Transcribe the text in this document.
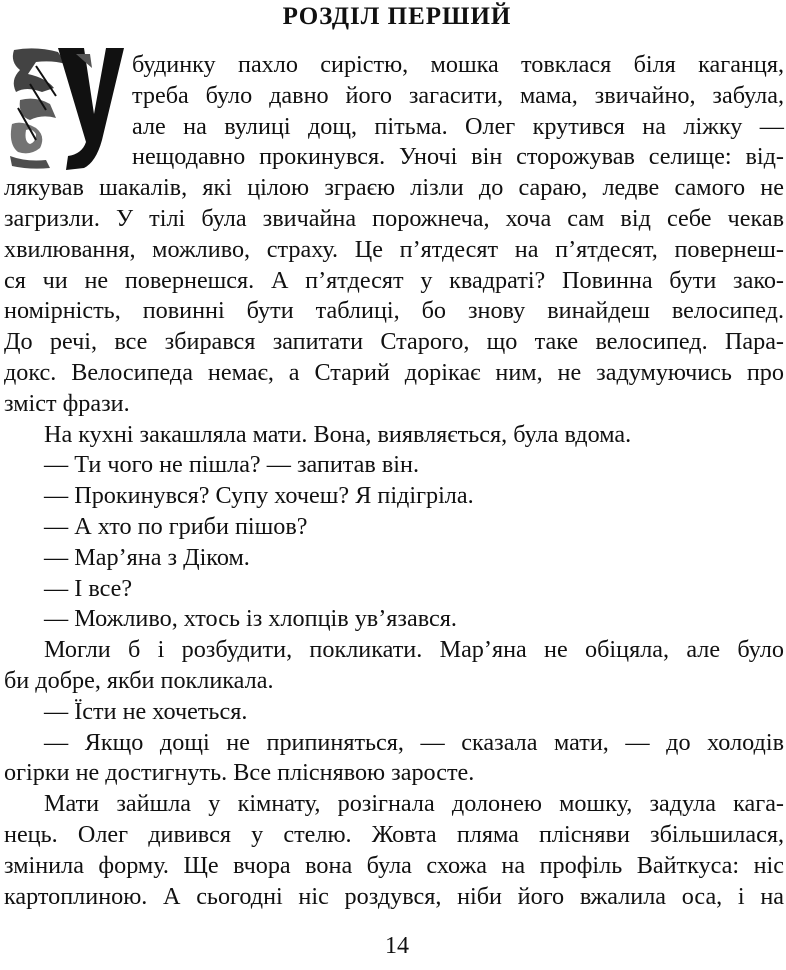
РОЗДІЛ ПЕРШИЙ
будинку пахло сирістю, мошка товклася біля каганця,
треба було давно його загасити, мама, звичайно, забула,
але на вулиці дощ, пітьма. Олег крутився на ліжку —
нещодавно прокинувся. Уночі він сторожував селище: від-
лякував шакалів, які цілою зграєю лізли до сараю, ледве самого не
загризли. У тілі була звичайна порожнеча, хоча сам від себе чекав
хвилювання, можливо, страху. Це п’ятдесят на п’ятдесят, повернеш-
ся чи не повернешся. А п’ятдесят у квадраті? Повинна бути зако-
номірність, повинні бути таблиці, бо знову винайдеш велосипед.
До речі, все збирався запитати Старого, що таке велосипед. Пара-
докс. Велосипеда немає, а Старий дорікає ним, не задумуючись про
зміст фрази.
На кухні закашляла мати. Вона, виявляється, була вдома.
— Ти чого не пішла? — запитав він.
— Прокинувся? Супу хочеш? Я підігріла.
— А хто по гриби пішов?
— Мар’яна з Діком.
— І все?
— Можливо, хтось із хлопців ув’язався.
Могли б і розбудити, покликати. Мар’яна не обіцяла, але було
би добре, якби покликала.
— Їсти не хочеться.
— Якщо дощі не припиняться, — сказала мати, — до холодів
огірки не достигнуть. Все плісняв​ою заросте.
Мати зайшла у кімнату, розігнала долонею мошку, задула кага-
нець. Олег дивився у стелю. Жовта пляма плісняви збільшилася,
змінила форму. Ще вчора вона була схожа на профіль Вайткуса: ніс
картоплиною. А сьогодні ніс роздувся, ніби його вжалила оса, і на
14
